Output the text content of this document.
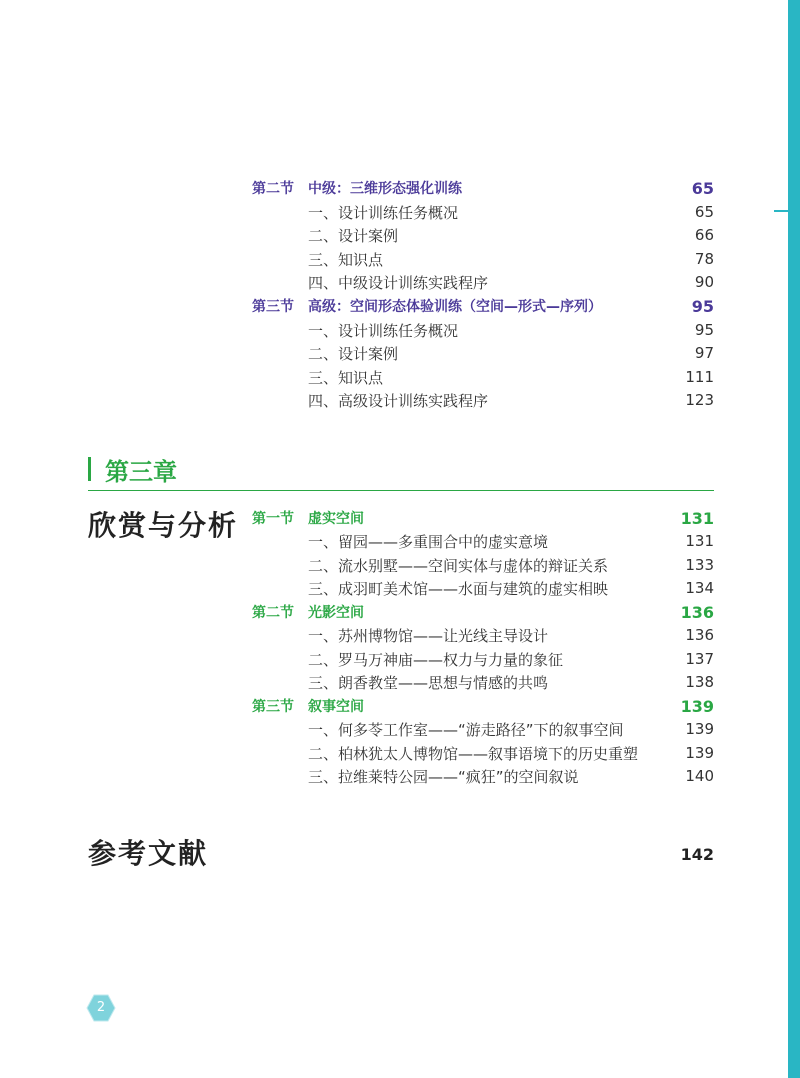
第二节 中级：三维形态强化训练	65
一、设计训练任务概况	65
二、设计案例	66
三、知识点	78
四、中级设计训练实践程序	90
第三节 高级：空间形态体验训练（空间—形式—序列）	95
一、设计训练任务概况	95
二、设计案例	97
三、知识点	111
四、高级设计训练实践程序	123
第三章
欣赏与分析 第一节 虚实空间	131
一、留园——多重围合中的虚实意境	131
二、流水别墅——空间实体与虚体的辩证关系	133
三、成羽町美术馆——水面与建筑的虚实相映	134
第二节 光影空间	136
一、苏州博物馆——让光线主导设计	136
二、罗马万神庙——权力与力量的象征	137
三、朗香教堂——思想与情感的共鸣	138
第三节 叙事空间	139
一、何多苓工作室——“游走路径”下的叙事空间	139
二、柏林犹太人博物馆——叙事语境下的历史重塑	139
三、拉维莱特公园——“疯狂”的空间叙说	140
参考文献	142
2
